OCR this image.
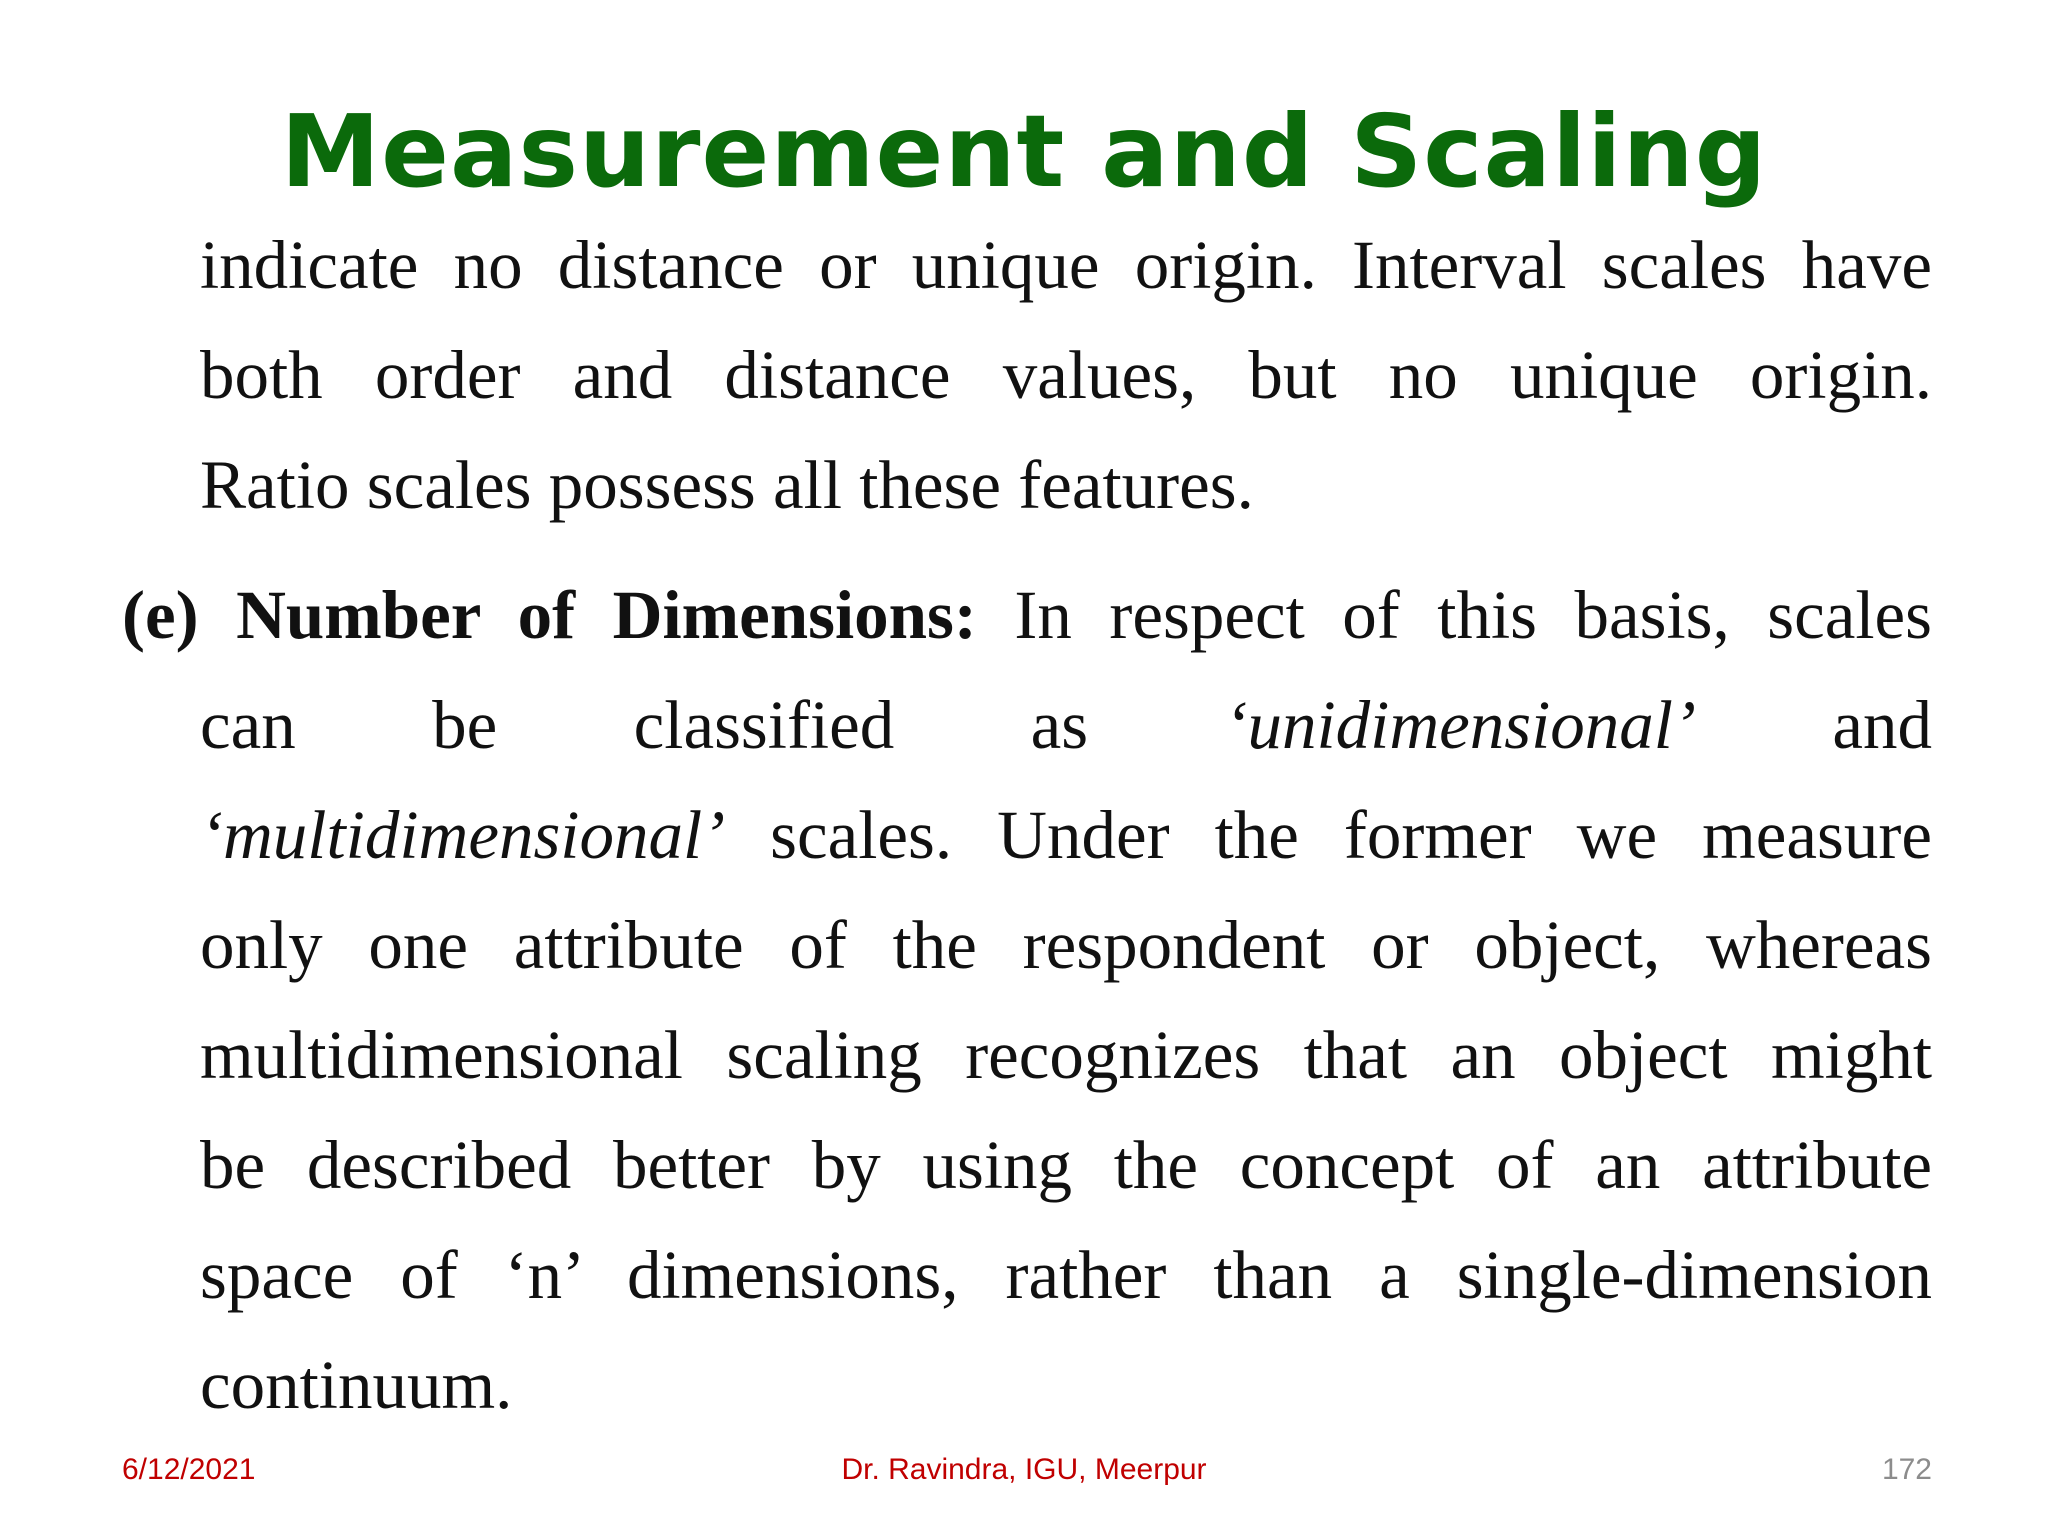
Measurement and Scaling
indicate no distance or unique origin. Interval scales have
both order and distance values, but no unique origin.
Ratio scales possess all these features.
(e) Number of Dimensions: In respect of this basis, scales
can be classified as ‘unidimensional’ and
‘multidimensional’ scales. Under the former we measure
only one attribute of the respondent or object, whereas
multidimensional scaling recognizes that an object might
be described better by using the concept of an attribute
space of ‘n’ dimensions, rather than a single-dimension
continuum.
6/12/2021	Dr. Ravindra, IGU, Meerpur	172
